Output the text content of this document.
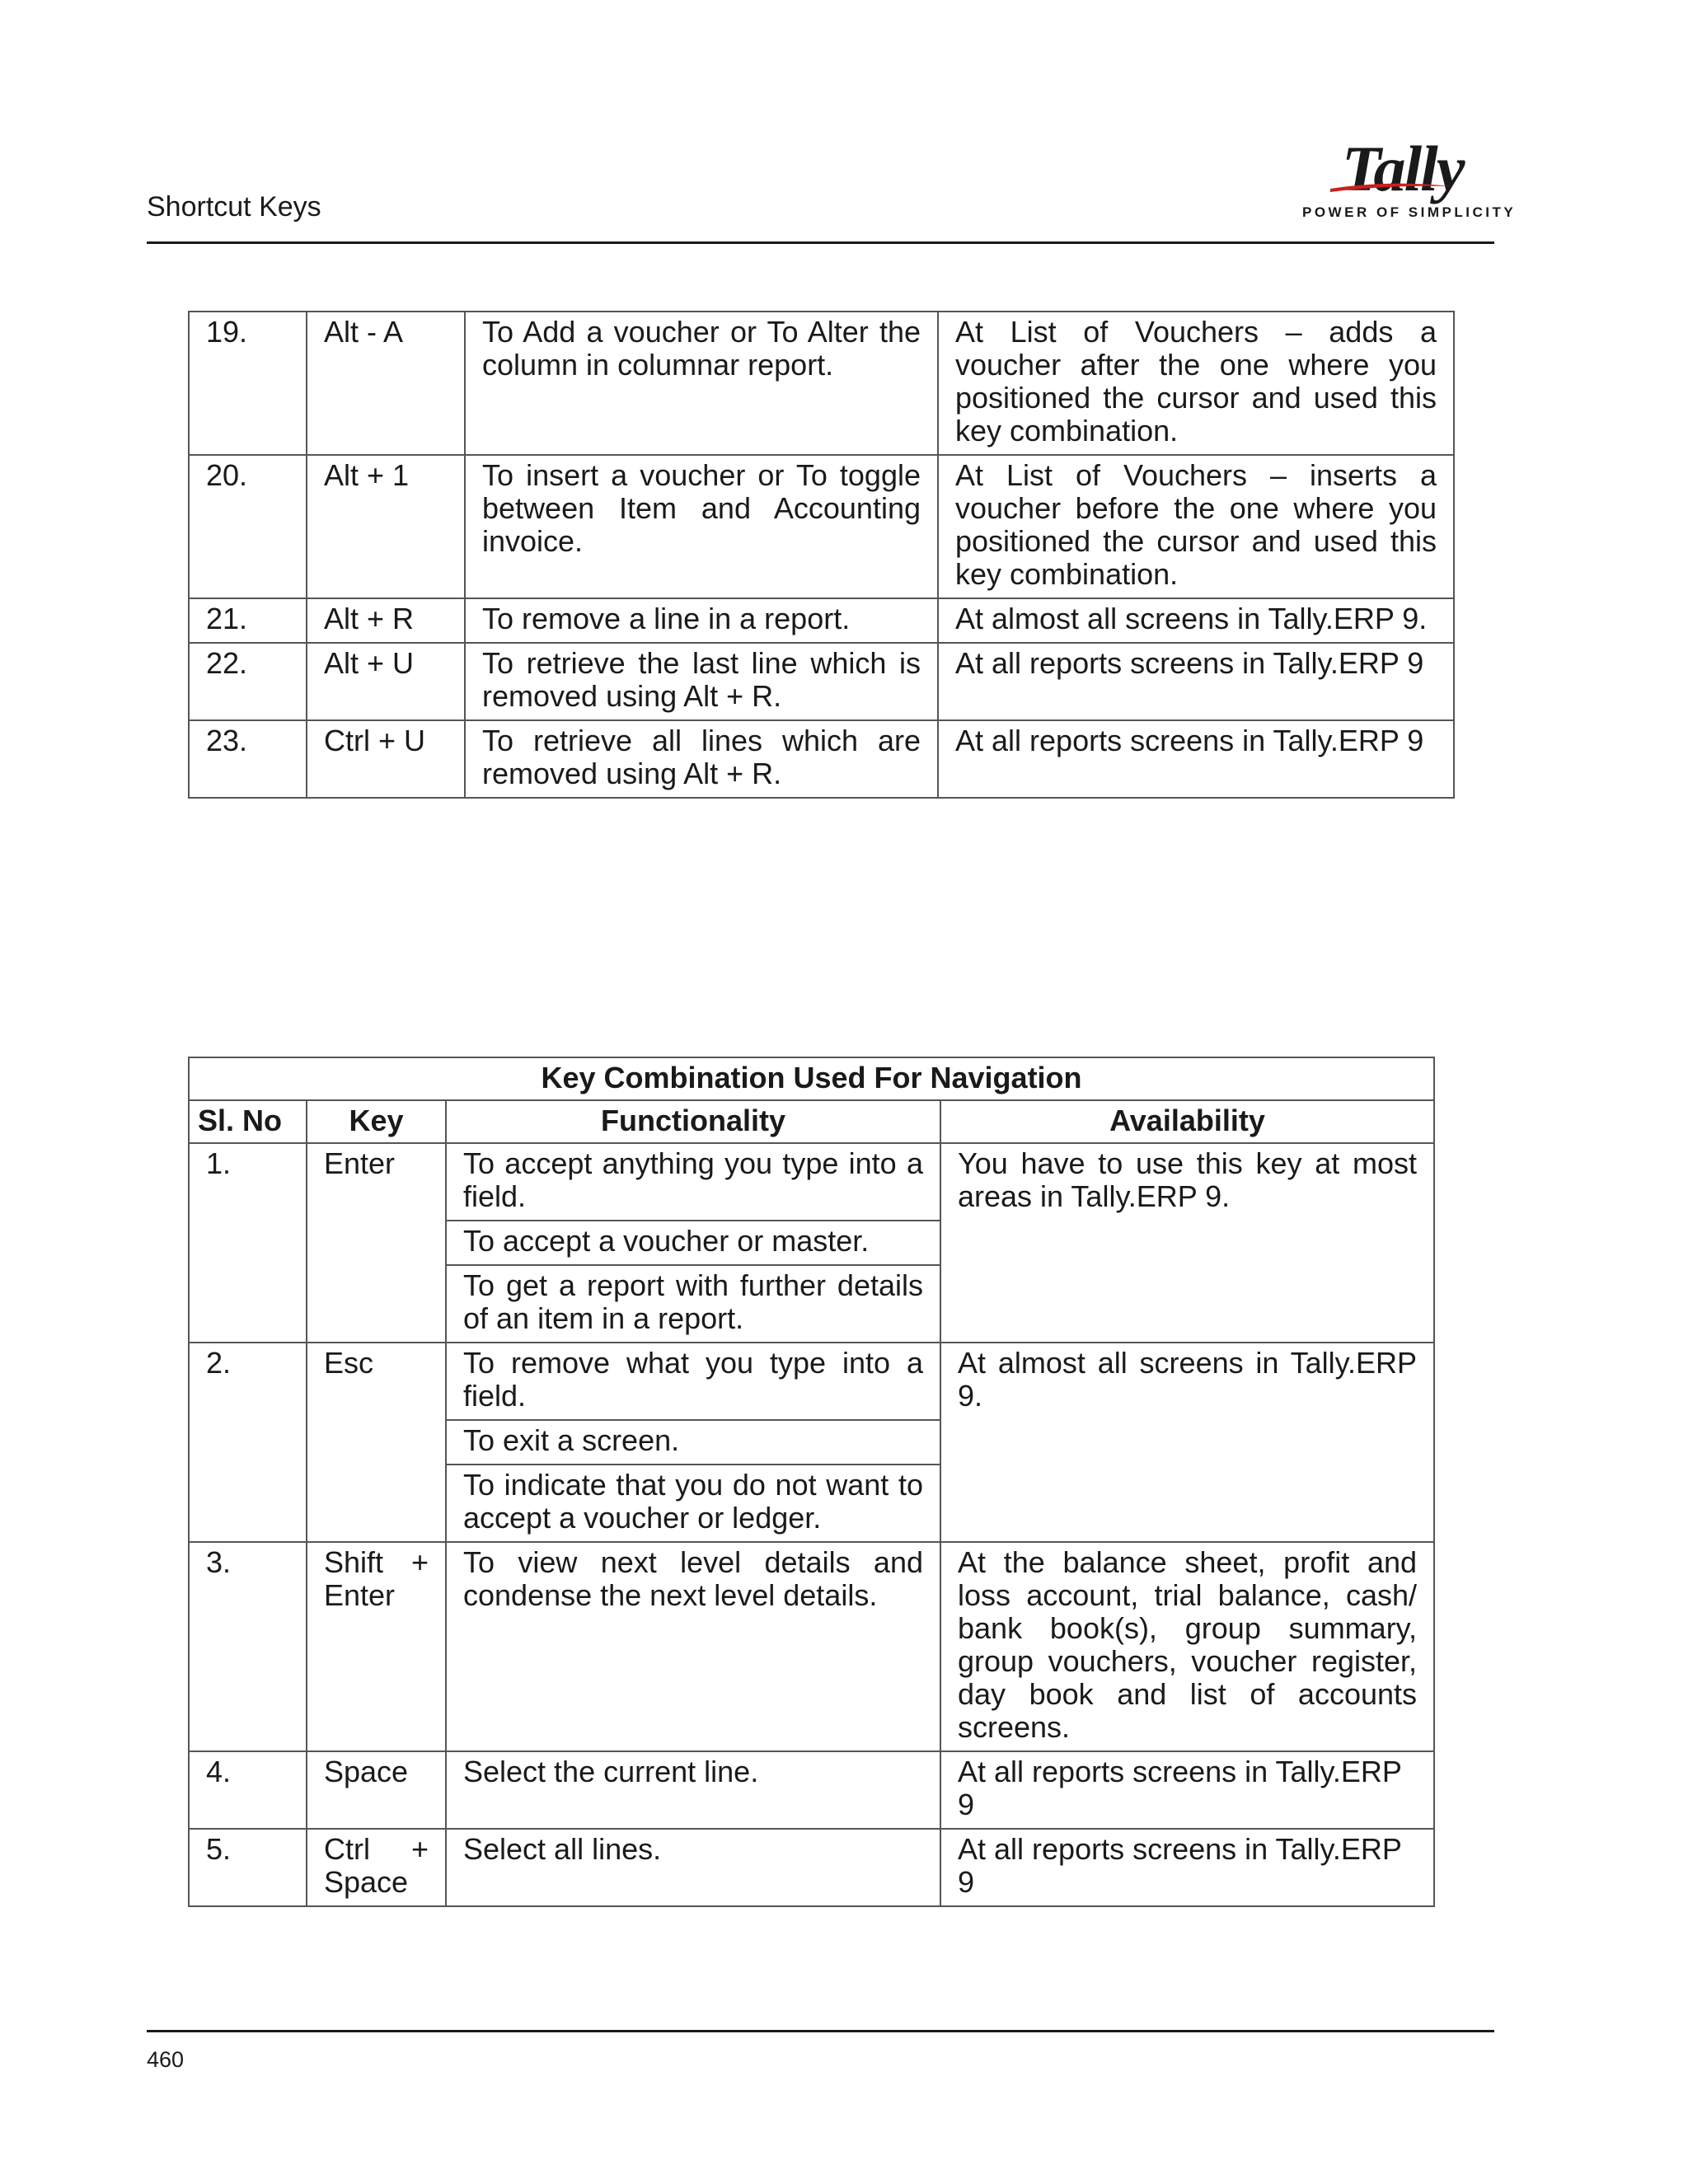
Shortcut Keys
Tally
POWER OF SIMPLICITY
19.	Alt - A	To Add a voucher or To Alter the column in columnar report.	At List of Vouchers – adds a voucher after the one where you positioned the cursor and used this key combination.
20.	Alt + 1	To insert a voucher or To toggle between Item and Accounting invoice.	At List of Vouchers – inserts a voucher before the one where you positioned the cursor and used this key combination.
21.	Alt + R	To remove a line in a report.	At almost all screens in Tally.ERP 9.
22.	Alt + U	To retrieve the last line which is removed using Alt + R.	At all reports screens in Tally.ERP 9
23.	Ctrl + U	To retrieve all lines which are removed using Alt + R.	At all reports screens in Tally.ERP 9
Key Combination Used For Navigation			
Sl. No	Key	Functionality	Availability
1.	Enter	To accept anything you type into a field.
To accept a voucher or master.
To get a report with further details of an item in a report.	You have to use this key at most areas in Tally.ERP 9.
2.	Esc	To remove what you type into a field.
To exit a screen.
To indicate that you do not want to accept a voucher or ledger.	At almost all screens in Tally.ERP 9.
3.	Shift + Enter	To view next level details and condense the next level details.	At the balance sheet, profit and loss account, trial balance, cash/ bank book(s), group summary, group vouchers, voucher register, day book and list of accounts screens.
4.	Space	Select the current line.	At all reports screens in Tally.ERP 9
5.	Ctrl + Space	Select all lines.	At all reports screens in Tally.ERP 9
460
